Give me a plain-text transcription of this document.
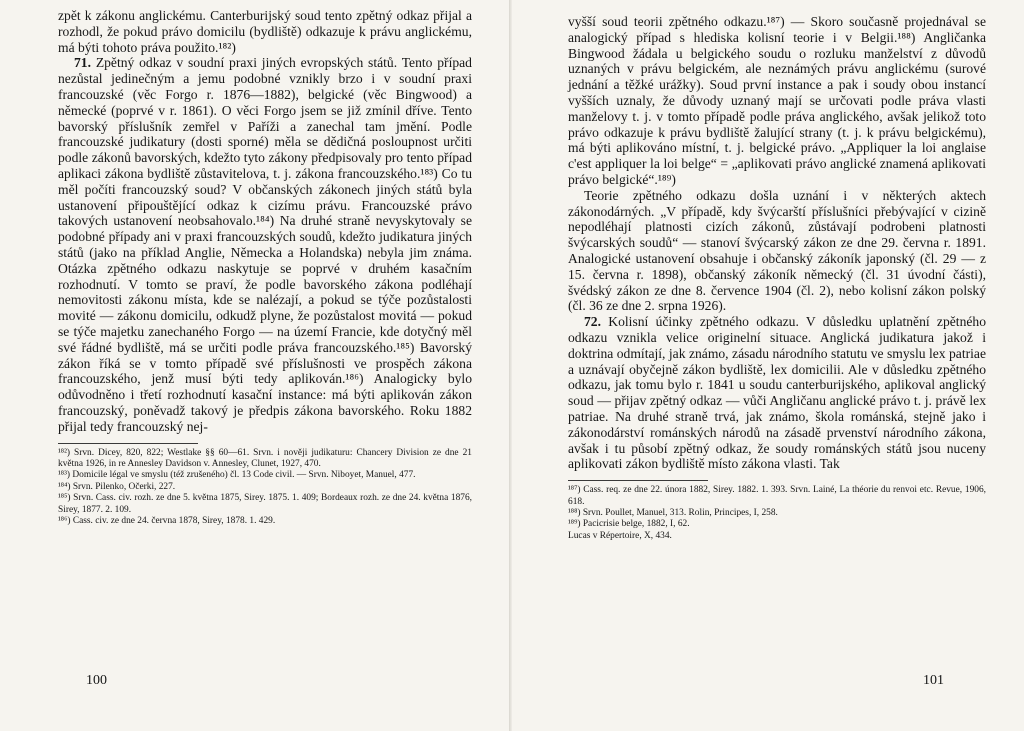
zpět k zákonu anglickému. Canterburijský soud tento zpětný odkaz přijal a rozhodl, že pokud právo domicilu (bydliště) odkazuje k právu anglickému, má býti tohoto práva použito.¹⁸²)

71. Zpětný odkaz v soudní praxi jiných evropských států. Tento případ nezůstal jedinečným a jemu podobné vznikly brzo i v soudní praxi francouzské (věc Forgo r. 1876—1882), belgické (věc Bingwood) a německé (poprvé v r. 1861). O věci Forgo jsem se již zmínil dříve. Tento bavorský příslušník zemřel v Paříži a zanechal tam jmění. Podle francouzské judikatury (dosti sporné) měla se dědičná posloupnost určiti podle zákonů bavorských, kdežto tyto zákony předpisovaly pro tento případ aplikaci zákona bydliště zůstavitelova, t. j. zákona francouzského.¹⁸³) Co tu měl počíti francouzský soud? V občanských zákonech jiných států byla ustanovení připouštějící odkaz k cizímu právu. Francouzské právo takových ustanovení neobsahovalo.¹⁸⁴) Na druhé straně nevyskytovaly se podobné případy ani v praxi francouzských soudů, kdežto judikatura jiných států (jako na příklad Anglie, Německa a Holandska) nebyla jim známa. Otázka zpětného odkazu naskytuje se poprvé v druhém kasačním rozhodnutí. V tomto se praví, že podle bavorského zákona podléhají nemovitosti zákonu místa, kde se nalézají, a pokud se týče pozůstalosti movité — zákonu domicilu, odkudž plyne, že pozůstalost movitá — pokud se týče majetku zanechaného Forgo — na území Francie, kde dotyčný měl své řádné bydliště, má se určiti podle práva francouzského.¹⁸⁵) Bavorský zákon říká se v tomto případě své příslušnosti ve prospěch zákona francouzského, jenž musí býti tedy aplikován.¹⁸⁶) Analogicky bylo odůvodněno i třetí rozhodnutí kasační instance: má býti aplikován zákon francouzský, poněvadž takový je předpis zákona bavorského. Roku 1882 přijal tedy francouzský nej-

¹⁸²) Srvn. Dicey, 820, 822; Westlake §§ 60—61. Srvn. i nověji judikaturu: Chancery Division ze dne 21 května 1926, in re Annesley Davidson v. Annesley, Clunet, 1927, 470.

¹⁸³) Domicile légal ve smyslu (též zrušeného) čl. 13 Code civil. — Srvn. Niboyet, Manuel, 477.

¹⁸⁴) Srvn. Pilenko, Očerki, 227.

¹⁸⁵) Srvn. Cass. civ. rozh. ze dne 5. května 1875, Sirey. 1875. 1. 409; Bordeaux rozh. ze dne 24. května 1876, Sirey, 1877. 2. 109.

¹⁸⁶) Cass. civ. ze dne 24. června 1878, Sirey, 1878. 1. 429.

100

vyšší soud teorii zpětného odkazu.¹⁸⁷) — Skoro současně projednával se analogický případ s hlediska kolisní teorie i v Belgii.¹⁸⁸) Angličanka Bingwood žádala u belgického soudu o rozluku manželství z důvodů uznaných v právu belgickém, ale neznámých právu anglickému (surové jednání a těžké urážky). Soud první instance a pak i soudy obou instancí vyšších uznaly, že důvody uznaný mají se určovati podle práva vlasti manželovy t. j. v tomto případě podle práva anglického, avšak jelikož toto právo odkazuje k právu bydliště žalující strany (t. j. k právu belgickému), má býti aplikováno místní, t. j. belgické právo. „Appliquer la loi anglaise c'est appliquer la loi belge“ = „aplikovati právo anglické znamená aplikovati právo belgické“.¹⁸⁹)

Teorie zpětného odkazu došla uznání i v některých aktech zákonodárných. „V případě, kdy švýcarští příslušníci přebývající v cizině nepodléhají platnosti cizích zákonů, zůstávají podrobeni platnosti švýcarských soudů“ — stanoví švýcarský zákon ze dne 29. června r. 1891. Analogické ustanovení obsahuje i občanský zákoník japonský (čl. 29 — z 15. června r. 1898), občanský zákoník německý (čl. 31 úvodní části), švédský zákon ze dne 8. července 1904 (čl. 2), nebo kolisní zákon polský (čl. 36 ze dne 2. srpna 1926).

72. Kolisní účinky zpětného odkazu. V důsledku uplatnění zpětného odkazu vznikla velice originelní situace. Anglická judikatura jakož i doktrina odmítají, jak známo, zásadu národního statutu ve smyslu lex patriae a uznávají obyčejně zákon bydliště, lex domicilii. Ale v důsledku zpětného odkazu, jak tomu bylo r. 1841 u soudu canterburijského, aplikoval anglický soud — přijav zpětný odkaz — vůči Angličanu anglické právo t. j. právě lex patriae. Na druhé straně trvá, jak známo, škola románská, stejně jako i zákonodárství románských národů na zásadě prvenství národního zákona, avšak i tu působí zpětný odkaz, že soudy románských států jsou nuceny aplikovati zákon bydliště místo zákona vlasti. Tak

¹⁸⁷) Cass. req. ze dne 22. února 1882, Sirey. 1882. 1. 393. Srvn. Lainé, La théorie du renvoi etc. Revue, 1906, 618.

¹⁸⁸) Srvn. Poullet, Manuel, 313. Rolin, Principes, I, 258.

¹⁸⁹) Pacicrisie belge, 1882, I, 62.

Lucas v Répertoire, X, 434.

101
